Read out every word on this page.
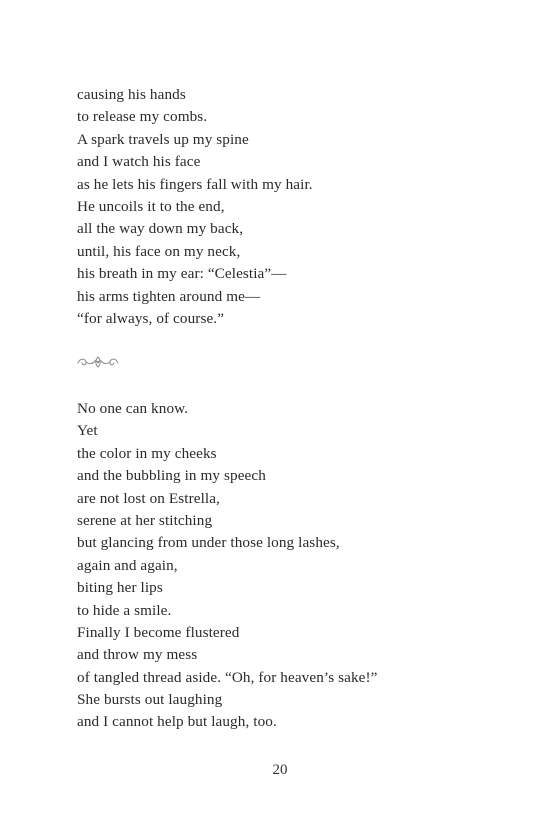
causing his hands
to release my combs.
A spark travels up my spine
and I watch his face
as he lets his fingers fall with my hair.
He uncoils it to the end,
all the way down my back,
until, his face on my neck,
his breath in my ear: “Celestia”—
his arms tighten around me—
“for always, of course.”
No one can know.
Yet
the color in my cheeks
and the bubbling in my speech
are not lost on Estrella,
serene at her stitching
but glancing from under those long lashes,
again and again,
biting her lips
to hide a smile.
Finally I become flustered
and throw my mess
of tangled thread aside. “Oh, for heaven’s sake!”
She bursts out laughing
and I cannot help but laugh, too.
20
